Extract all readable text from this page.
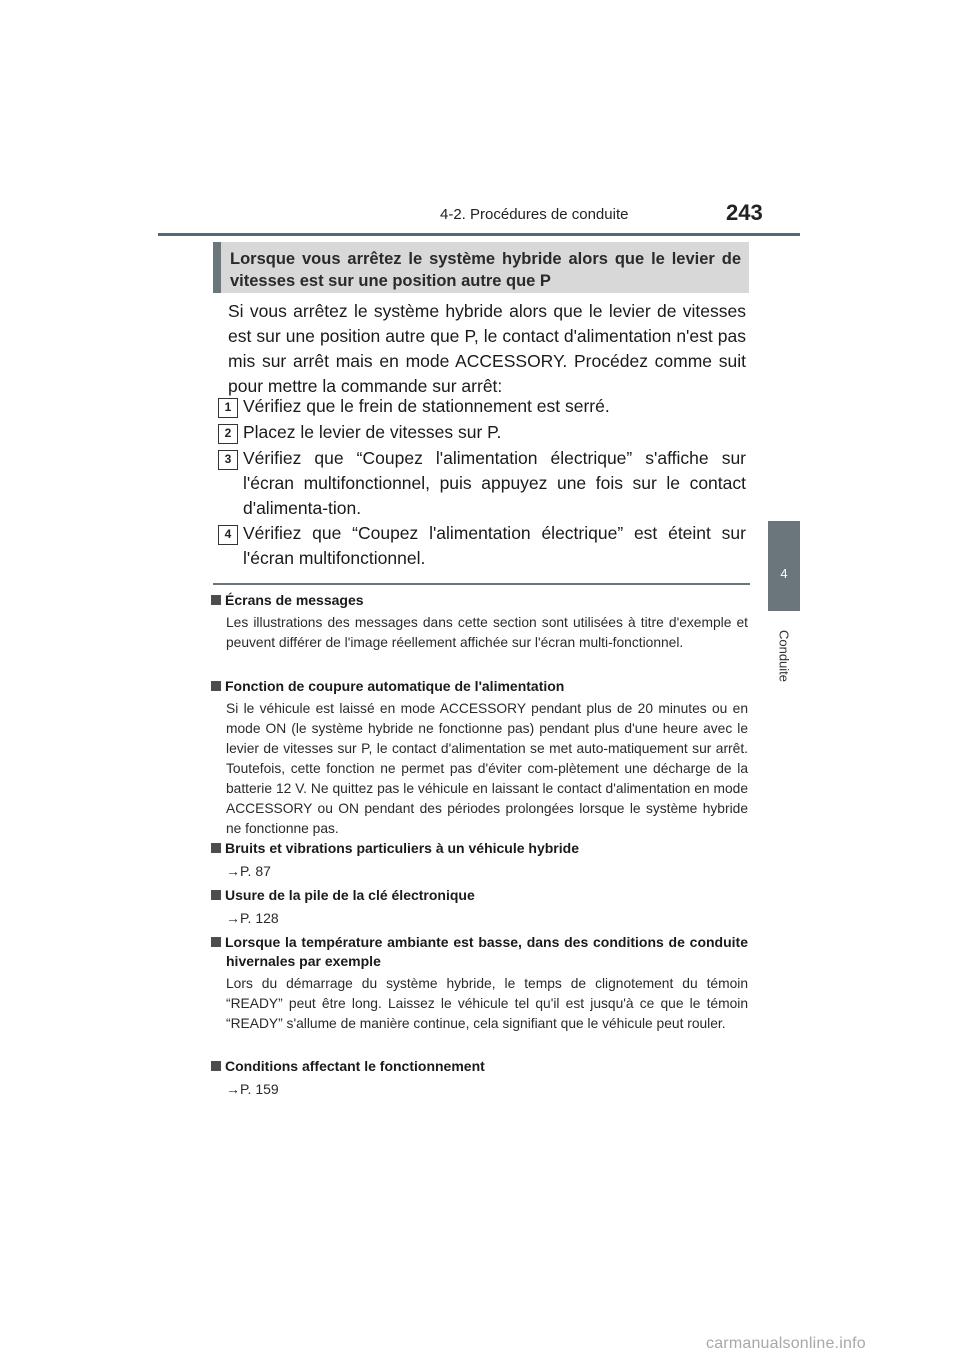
4-2. Procédures de conduite	243
4
Conduite
Lorsque vous arrêtez le système hybride alors que le levier de vitesses est sur une position autre que P
Si vous arrêtez le système hybride alors que le levier de vitesses est sur une position autre que P, le contact d'alimentation n'est pas mis sur arrêt mais en mode ACCESSORY. Procédez comme suit pour mettre la commande sur arrêt:
1 Vérifiez que le frein de stationnement est serré.
2 Placez le levier de vitesses sur P.
3 Vérifiez que “Coupez l'alimentation électrique” s'affiche sur l'écran multifonctionnel, puis appuyez une fois sur le contact d'alimenta-tion.
4 Vérifiez que “Coupez l'alimentation électrique” est éteint sur l'écran multifonctionnel.
Écrans de messages
Les illustrations des messages dans cette section sont utilisées à titre d'exemple et peuvent différer de l'image réellement affichée sur l'écran multi-fonctionnel.
Fonction de coupure automatique de l'alimentation
Si le véhicule est laissé en mode ACCESSORY pendant plus de 20 minutes ou en mode ON (le système hybride ne fonctionne pas) pendant plus d'une heure avec le levier de vitesses sur P, le contact d'alimentation se met auto-matiquement sur arrêt. Toutefois, cette fonction ne permet pas d'éviter com-plètement une décharge de la batterie 12 V. Ne quittez pas le véhicule en laissant le contact d'alimentation en mode ACCESSORY ou ON pendant des périodes prolongées lorsque le système hybride ne fonctionne pas.
Bruits et vibrations particuliers à un véhicule hybride
→P. 87
Usure de la pile de la clé électronique
→P. 128
Lorsque la température ambiante est basse, dans des conditions de conduite hivernales par exemple
Lors du démarrage du système hybride, le temps de clignotement du témoin “READY” peut être long. Laissez le véhicule tel qu'il est jusqu'à ce que le témoin “READY” s'allume de manière continue, cela signifiant que le véhicule peut rouler.
Conditions affectant le fonctionnement
→P. 159
carmanualsonline.info
